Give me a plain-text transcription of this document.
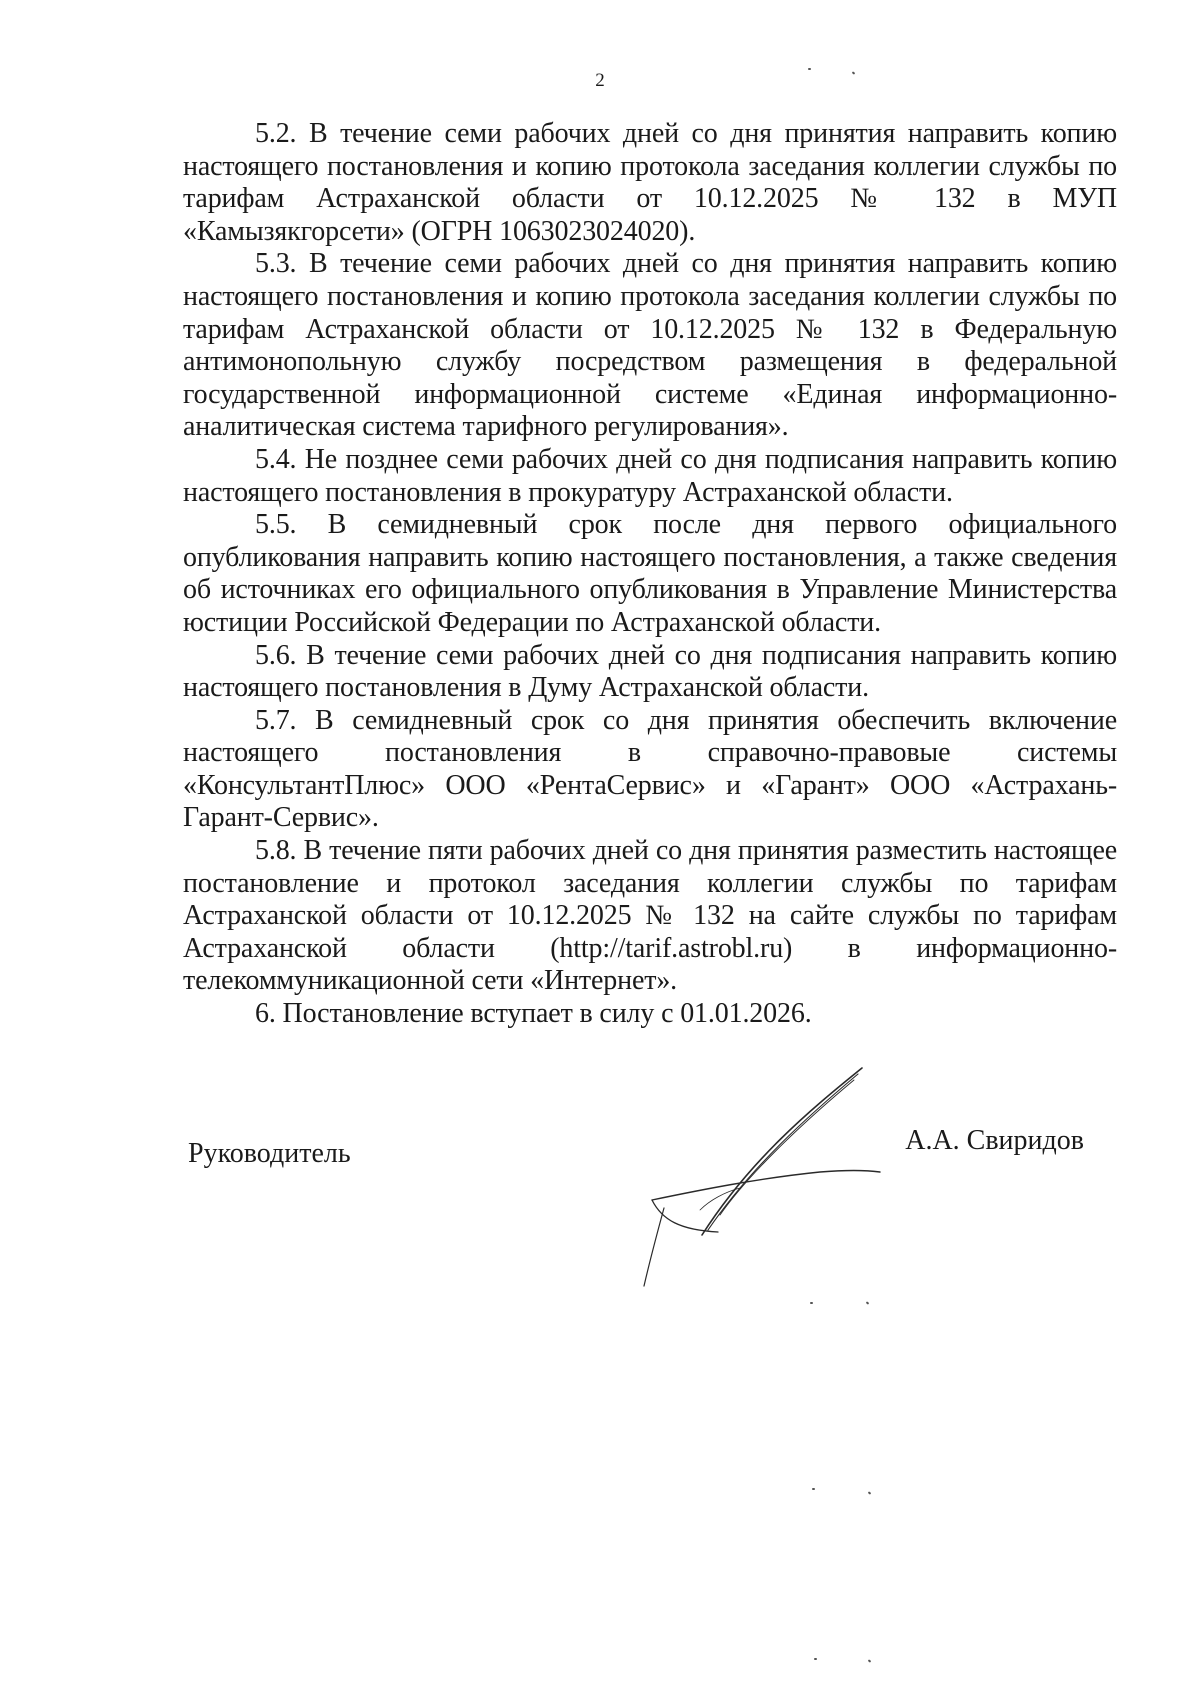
2

5.2. В течение семи рабочих дней со дня принятия направить копию настоящего постановления и копию протокола заседания коллегии службы по тарифам Астраханской области от 10.12.2025 № 132 в МУП «Камызякгорсети» (ОГРН 1063023024020).

5.3. В течение семи рабочих дней со дня принятия направить копию настоящего постановления и копию протокола заседания коллегии службы по тарифам Астраханской области от 10.12.2025 № 132 в Федеральную антимонопольную службу посредством размещения в федеральной государственной информационной системе «Единая информационно-аналитическая система тарифного регулирования».

5.4. Не позднее семи рабочих дней со дня подписания направить копию настоящего постановления в прокуратуру Астраханской области.

5.5. В семидневный срок после дня первого официального опубликования направить копию настоящего постановления, а также сведения об источниках его официального опубликования в Управление Министерства юстиции Российской Федерации по Астраханской области.

5.6. В течение семи рабочих дней со дня подписания направить копию настоящего постановления в Думу Астраханской области.

5.7. В семидневный срок со дня принятия обеспечить включение настоящего постановления в справочно-правовые системы «КонсультантПлюс» ООО «РентаСервис» и «Гарант» ООО «Астрахань-Гарант-Сервис».

5.8. В течение пяти рабочих дней со дня принятия разместить настоящее постановление и протокол заседания коллегии службы по тарифам Астраханской области от 10.12.2025 № 132 на сайте службы по тарифам Астраханской области (http://tarif.astrobl.ru) в информационно-телекоммуникационной сети «Интернет».

6. Постановление вступает в силу с 01.01.2026.

Руководитель	А.А. Свиридов
